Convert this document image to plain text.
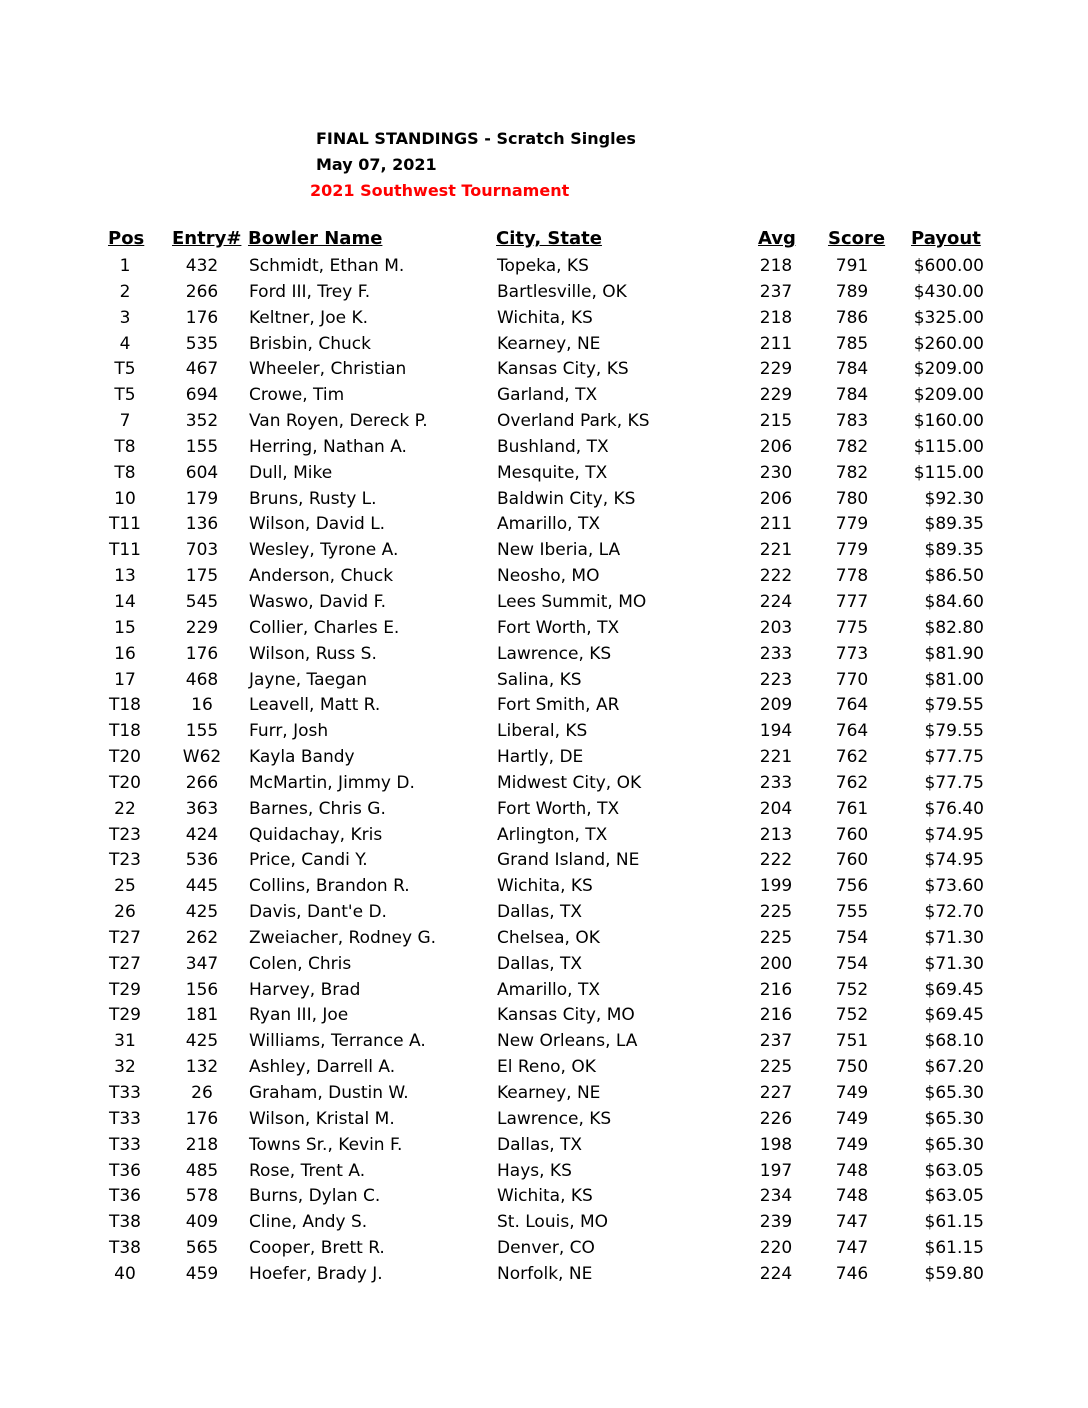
FINAL STANDINGS - Scratch Singles
May 07, 2021
2021 Southwest Tournament
Pos Entry# Bowler Name	City, State	Avg Score Payout
1	432	Schmidt, Ethan M.	Topeka, KS	218	791	$600.00
2	266	Ford III, Trey F.	Bartlesville, OK	237	789	$430.00
3	176	Keltner, Joe K.	Wichita, KS	218	786	$325.00
4	535	Brisbin, Chuck	Kearney, NE	211	785	$260.00
T5	467	Wheeler, Christian	Kansas City, KS	229	784	$209.00
T5	694	Crowe, Tim	Garland, TX	229	784	$209.00
7	352	Van Royen, Dereck P.	Overland Park, KS	215	783	$160.00
T8	155	Herring, Nathan A.	Bushland, TX	206	782	$115.00
T8	604	Dull, Mike	Mesquite, TX	230	782	$115.00
10	179	Bruns, Rusty L.	Baldwin City, KS	206	780	$92.30
T11	136	Wilson, David L.	Amarillo, TX	211	779	$89.35
T11	703	Wesley, Tyrone A.	New Iberia, LA	221	779	$89.35
13	175	Anderson, Chuck	Neosho, MO	222	778	$86.50
14	545	Waswo, David F.	Lees Summit, MO	224	777	$84.60
15	229	Collier, Charles E.	Fort Worth, TX	203	775	$82.80
16	176	Wilson, Russ S.	Lawrence, KS	233	773	$81.90
17	468	Jayne, Taegan	Salina, KS	223	770	$81.00
T18	16	Leavell, Matt R.	Fort Smith, AR	209	764	$79.55
T18	155	Furr, Josh	Liberal, KS	194	764	$79.55
T20	W62	Kayla Bandy	Hartly, DE	221	762	$77.75
T20	266	McMartin, Jimmy D.	Midwest City, OK	233	762	$77.75
22	363	Barnes, Chris G.	Fort Worth, TX	204	761	$76.40
T23	424	Quidachay, Kris	Arlington, TX	213	760	$74.95
T23	536	Price, Candi Y.	Grand Island, NE	222	760	$74.95
25	445	Collins, Brandon R.	Wichita, KS	199	756	$73.60
26	425	Davis, Dant'e D.	Dallas, TX	225	755	$72.70
T27	262	Zweiacher, Rodney G.	Chelsea, OK	225	754	$71.30
T27	347	Colen, Chris	Dallas, TX	200	754	$71.30
T29	156	Harvey, Brad	Amarillo, TX	216	752	$69.45
T29	181	Ryan III, Joe	Kansas City, MO	216	752	$69.45
31	425	Williams, Terrance A.	New Orleans, LA	237	751	$68.10
32	132	Ashley, Darrell A.	El Reno, OK	225	750	$67.20
T33	26	Graham, Dustin W.	Kearney, NE	227	749	$65.30
T33	176	Wilson, Kristal M.	Lawrence, KS	226	749	$65.30
T33	218	Towns Sr., Kevin F.	Dallas, TX	198	749	$65.30
T36	485	Rose, Trent A.	Hays, KS	197	748	$63.05
T36	578	Burns, Dylan C.	Wichita, KS	234	748	$63.05
T38	409	Cline, Andy S.	St. Louis, MO	239	747	$61.15
T38	565	Cooper, Brett R.	Denver, CO	220	747	$61.15
40	459	Hoefer, Brady J.	Norfolk, NE	224	746	$59.80
